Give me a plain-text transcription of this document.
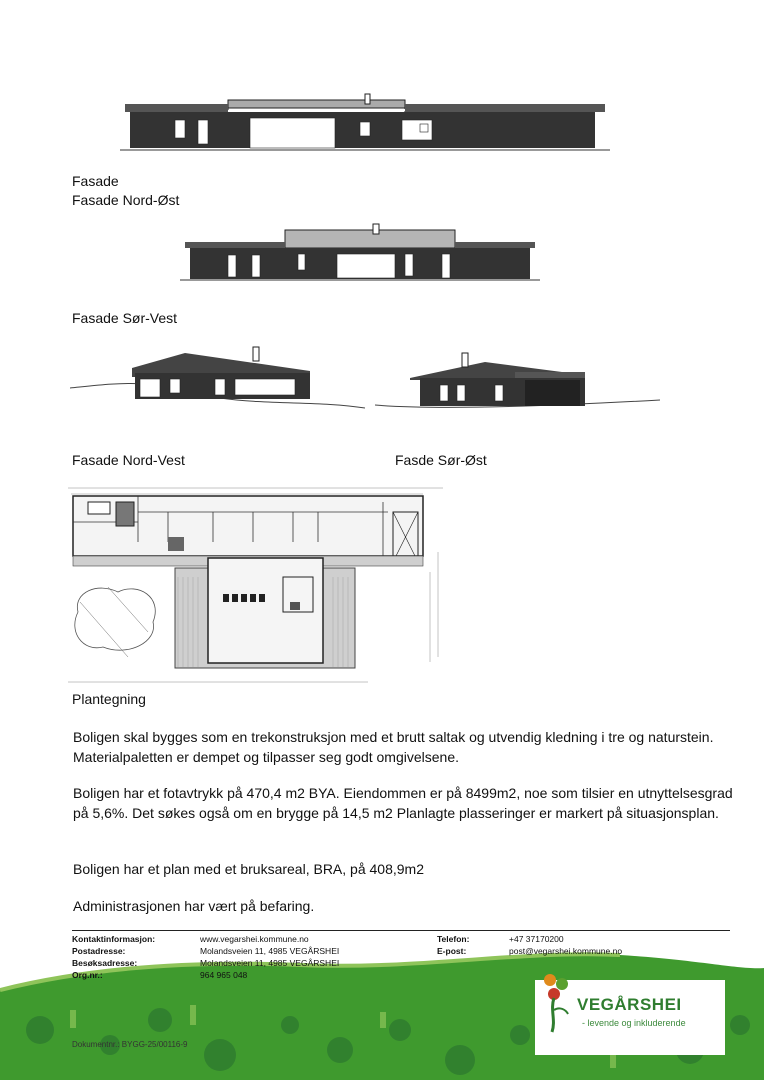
Fasade
Fasade Nord-Øst
Fasade Sør-Vest
Fasade Nord-Vest	Fasde Sør-Øst
Plantegning
Boligen skal bygges som en trekonstruksjon med et brutt saltak og utvendig kledning i tre og naturstein. Materialpaletten er dempet og tilpasser seg godt omgivelsene.
Boligen har et fotavtrykk på 470,4 m2 BYA. Eiendommen er på 8499m2, noe som tilsier en utnyttelsesgrad på 5,6%. Det søkes også om en brygge på 14,5 m2 Planlagte plasseringer er markert på situasjonsplan.
Boligen har et plan med et bruksareal, BRA, på 408,9m2
Administrasjonen har vært på befaring.
VEGÅRSHEI
- levende og inkluderende
Kontaktinformasjon:	www.vegarshei.kommune.no
Postadresse:	Molandsveien 11, 4985 VEGÅRSHEI
Besøksadresse:	Molandsveien 11, 4985 VEGÅRSHEI
Org.nr.:	964 965 048
Telefon:	+47 37170200
E-post:	post@vegarshei.kommune.no
Dokumentnr.: BYGG-25/00116-9
